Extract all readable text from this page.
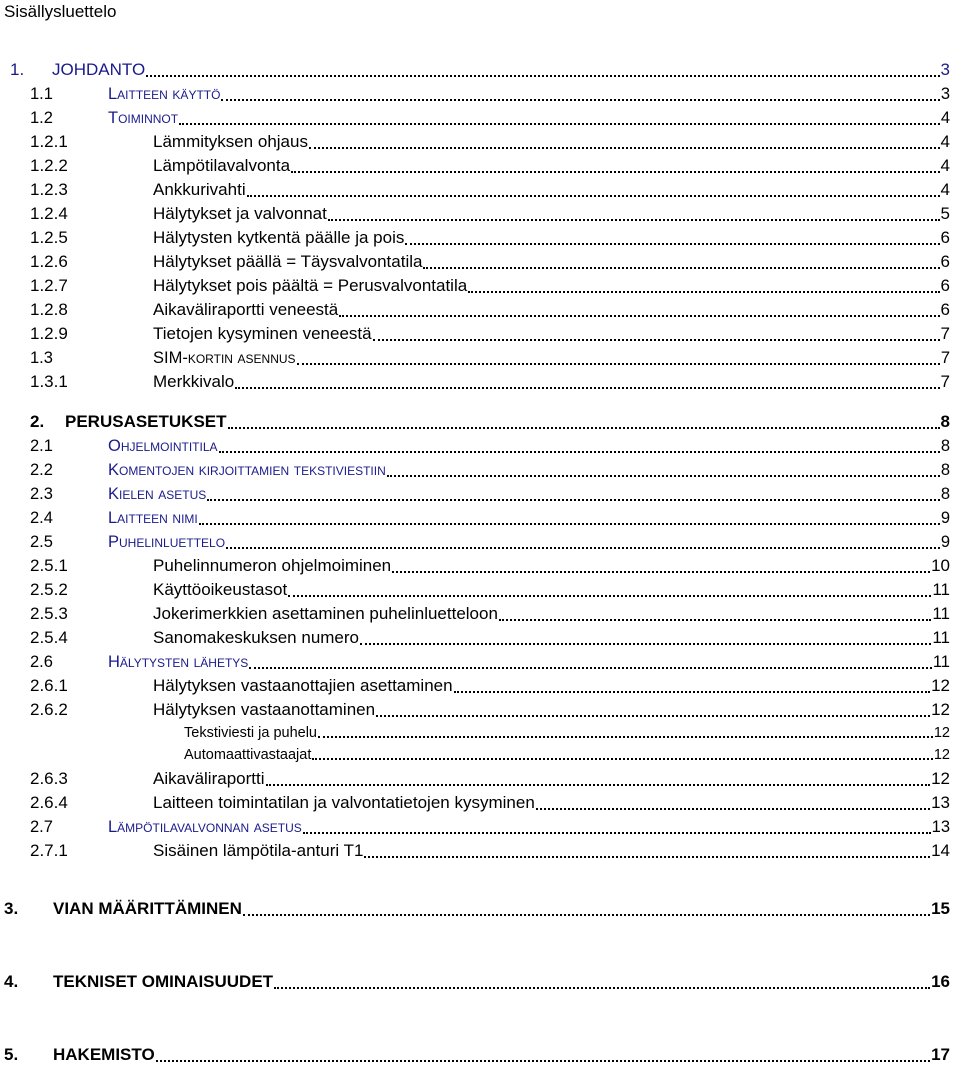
Sisällysluettelo
1. JOHDANTO	3
1.1	Laitteen käyttö	3
1.2	Toiminnot	4
1.2.1	Lämmityksen ohjaus	4
1.2.2	Lämpötilavalvonta	4
1.2.3	Ankkurivahti	4
1.2.4	Hälytykset ja valvonnat	5
1.2.5	Hälytysten kytkentä päälle ja pois	6
1.2.6	Hälytykset päällä = Täysvalvontatila	6
1.2.7	Hälytykset pois päältä = Perusvalvontatila	6
1.2.8	Aikaväliraportti veneestä	6
1.2.9	Tietojen kysyminen veneestä	7
1.3	SIM-kortin asennus	7
1.3.1	Merkkivalo	7
2. PERUSASETUKSET	8
2.1	Ohjelmointitila	8
2.2	Komentojen kirjoittamien tekstiviestiin	8
2.3	Kielen asetus	8
2.4	Laitteen nimi	9
2.5	Puhelinluettelo	9
2.5.1	Puhelinnumeron ohjelmoiminen	10
2.5.2	Käyttöoikeustasot	11
2.5.3	Jokerimerkkien asettaminen puhelinluetteloon	11
2.5.4	Sanomakeskuksen numero	11
2.6	Hälytysten lähetys	11
2.6.1	Hälytyksen vastaanottajien asettaminen	12
2.6.2	Hälytyksen vastaanottaminen	12
Tekstiviesti ja puhelu	12
Automaattivastaajat	12
2.6.3	Aikaväliraportti	12
2.6.4	Laitteen toimintatilan ja valvontatietojen kysyminen	13
2.7	Lämpötilavalvonnan asetus	13
2.7.1	Sisäinen lämpötila-anturi T1	14
3. VIAN MÄÄRITTÄMINEN	15
4. TEKNISET OMINAISUUDET	16
5. HAKEMISTO	17
